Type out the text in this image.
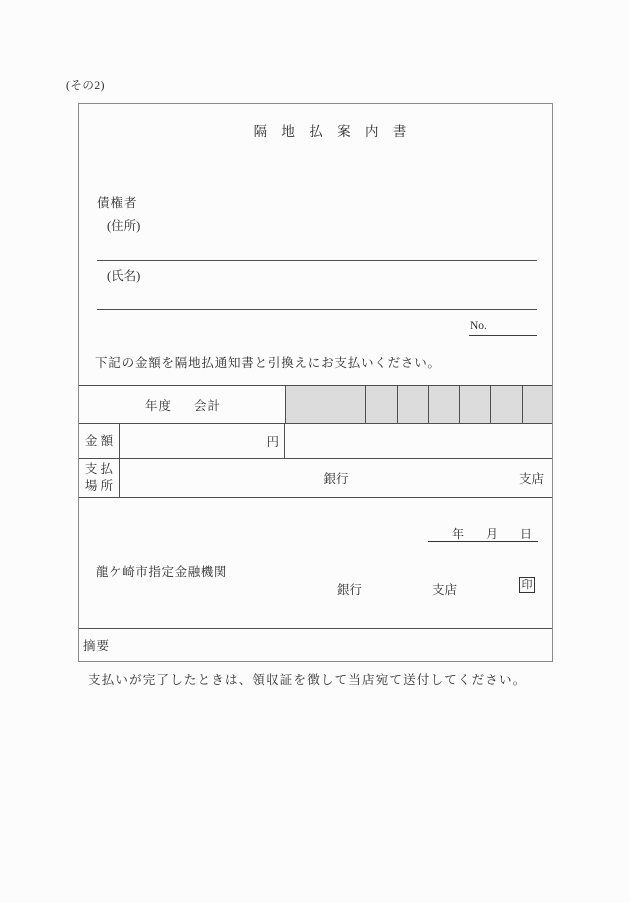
(その2)
隔 地 払 案 内 書
債権者
(住所)
(氏名)
No.
下記の金額を隔地払通知書と引換えにお支払いください。
年度 会計
金 額	円
支 払
場 所	銀行	支店
年 月 日
龍ケ崎市指定金融機関
銀行	支店	印
摘要
支払いが完了したときは、領収証を徴して当店宛て送付してください。
